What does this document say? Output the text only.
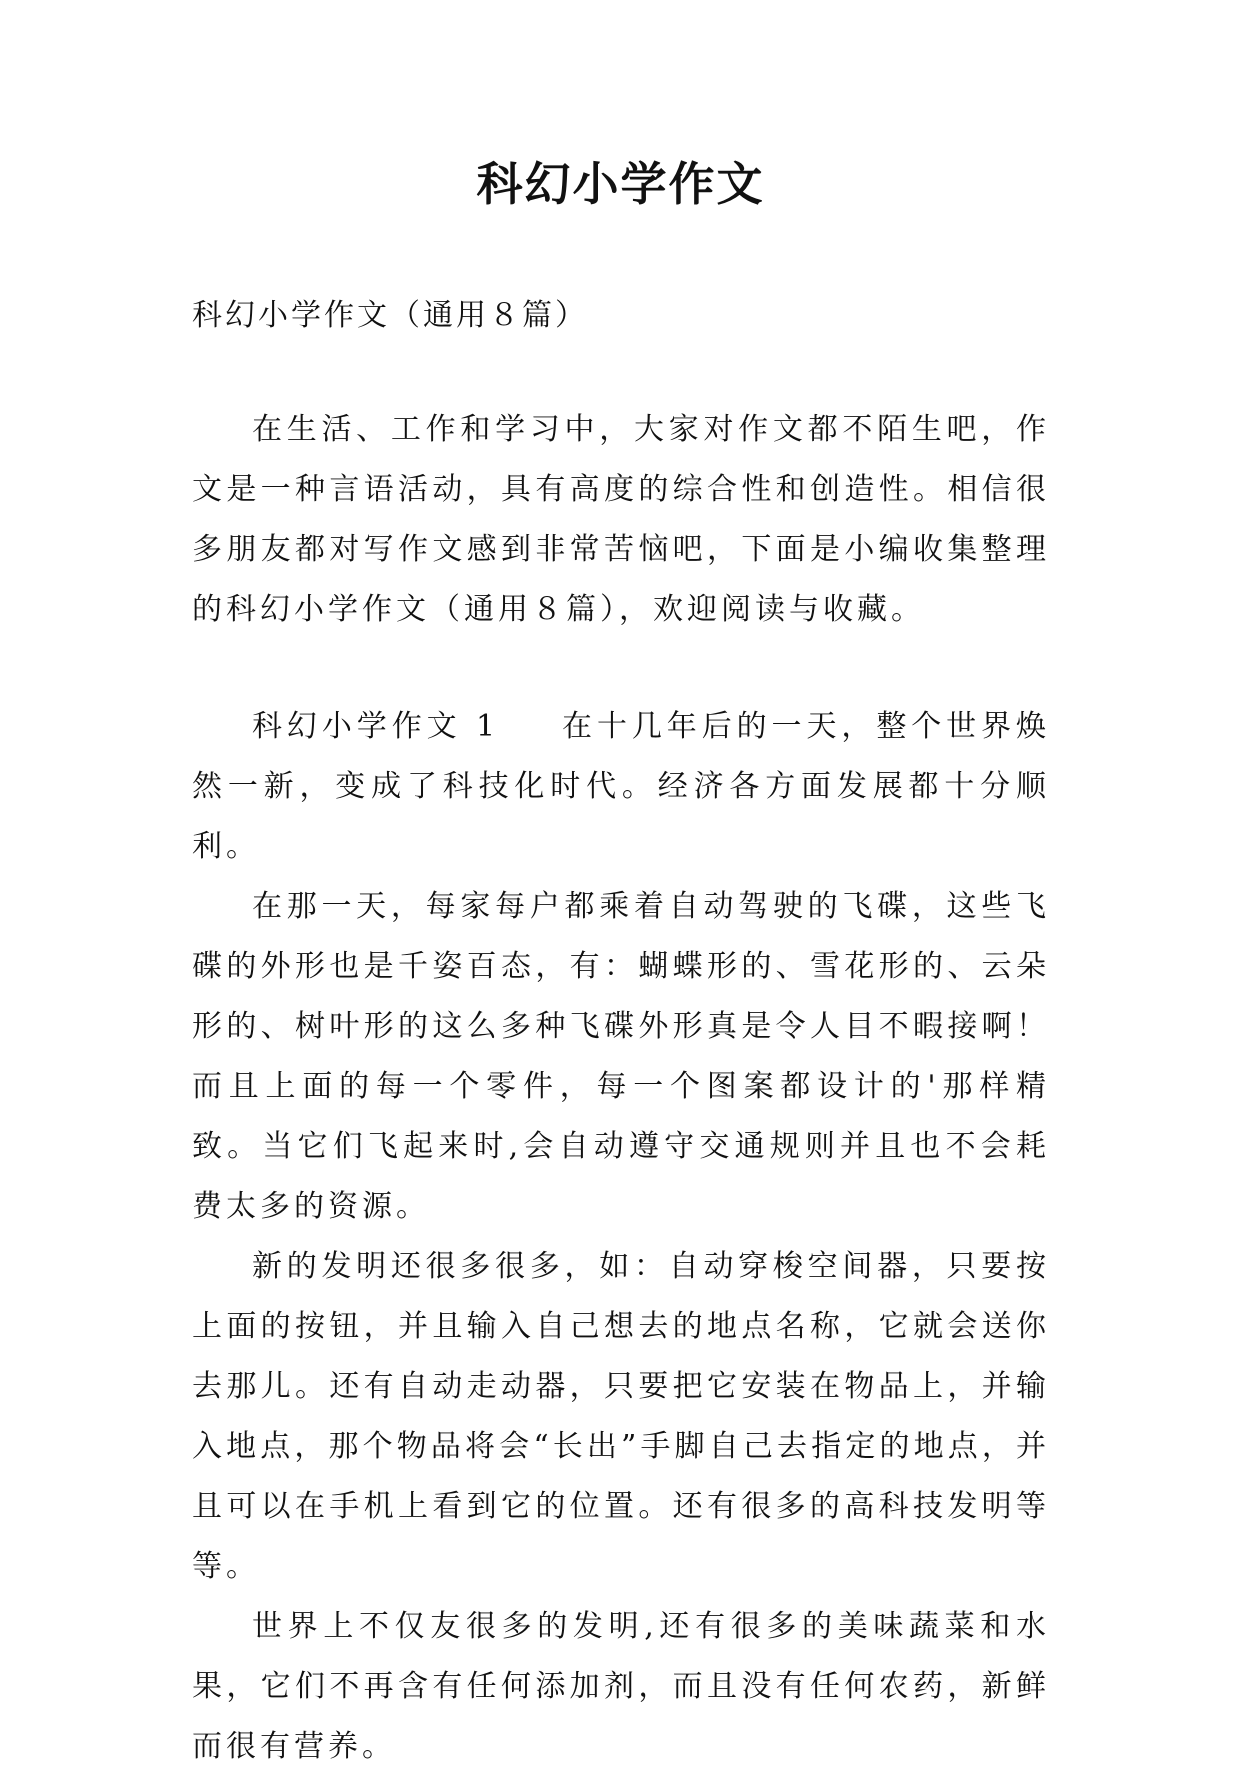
科幻小学作文
科幻小学作文（通用８篇）

在生活、工作和学习中，大家对作文都不陌生吧，作文是一种言语活动，具有高度的综合性和创造性。相信很多朋友都对写作文感到非常苦恼吧，下面是小编收集整理的科幻小学作文（通用８篇），欢迎阅读与收藏。

科幻小学作文 1 在十几年后的一天，整个世界焕然一新，变成了科技化时代。经济各方面发展都十分顺利。

在那一天，每家每户都乘着自动驾驶的飞碟，这些飞碟的外形也是千姿百态，有：蝴蝶形的、雪花形的、云朵形的、树叶形的这么多种飞碟外形真是令人目不暇接啊！而且上面的每一个零件，每一个图案都设计的'那样精致。当它们飞起来时,会自动遵守交通规则并且也不会耗费太多的资源。

新的发明还很多很多，如：自动穿梭空间器，只要按上面的按钮，并且输入自己想去的地点名称，它就会送你去那儿。还有自动走动器，只要把它安装在物品上，并输入地点，那个物品将会“长出”手脚自己去指定的地点，并且可以在手机上看到它的位置。还有很多的高科技发明等等。

世界上不仅友很多的发明,还有很多的美味蔬菜和水果，它们不再含有任何添加剂，而且没有任何农药，新鲜而很有营养。
